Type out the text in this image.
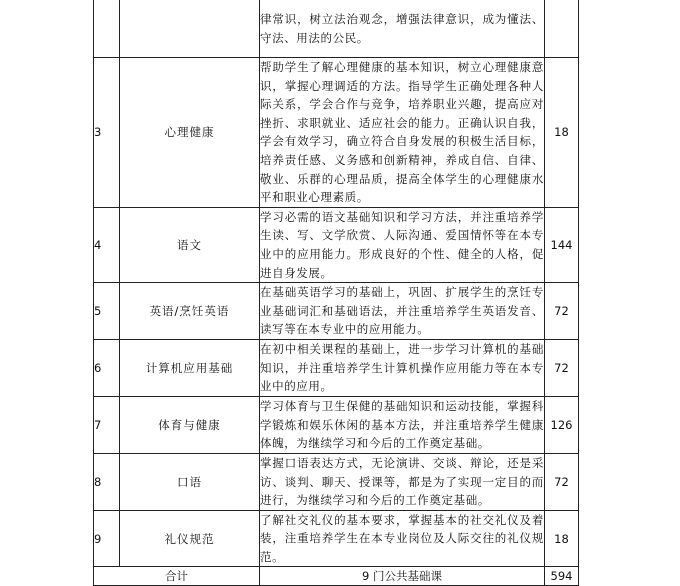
		律常识，树立法治观念，增强法律意识，成为懂法、守法、用法的公民。	
3	心理健康	帮助学生了解心理健康的基本知识，树立心理健康意识，掌握心理调适的方法。指导学生正确处理各种人际关系，学会合作与竞争，培养职业兴趣，提高应对挫折、求职就业、适应社会的能力。正确认识自我，学会有效学习，确立符合自身发展的积极生活目标，培养责任感、义务感和创新精神，养成自信、自律、敬业、乐群的心理品质，提高全体学生的心理健康水平和职业心理素质。	18
4	语文	学习必需的语文基础知识和学习方法，并注重培养学生读、写、文学欣赏、人际沟通、爱国情怀等在本专业中的应用能力。形成良好的个性、健全的人格，促进自身发展。	144
5	英语/烹饪英语	在基础英语学习的基础上，巩固、扩展学生的烹饪专业基础词汇和基础语法，并注重培养学生英语发音、读写等在本专业中的应用能力。	72
6	计算机应用基础	在初中相关课程的基础上，进一步学习计算机的基础知识，并注重培养学生计算机操作应用能力等在本专业中的应用。	72
7	体育与健康	学习体育与卫生保健的基础知识和运动技能，掌握科学锻炼和娱乐休闲的基本方法，并注重培养学生健康体魄，为继续学习和今后的工作奠定基础。	126
8	口语	掌握口语表达方式，无论演讲、交谈、辩论，还是采访、谈判、聊天、授课等，都是为了实现一定目的而进行，为继续学习和今后的工作奠定基础。	72
9	礼仪规范	了解社交礼仪的基本要求，掌握基本的社交礼仪及着装，注重培养学生在本专业岗位及人际交往的礼仪规范。	18
合计		9 门公共基础课	594
